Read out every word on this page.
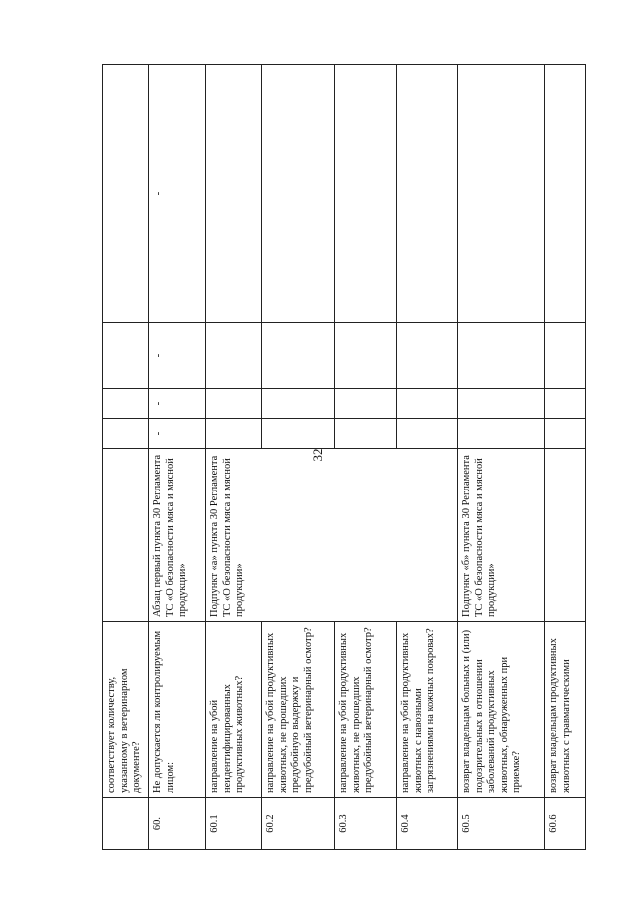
32
	соответствует количеству, указанному в ветеринарном документе?					
60.	Не допускается ли контролируемым лицом:	Абзац первый пункта 30 Регламента ТС «О безопасности мяса и мясной продукции»	-	-	-	-
60.1	направление на убой неидентифицированных продуктивных животных?	Подпункт «а» пункта 30 Регламента ТС «О безопасности мяса и мясной продукции»				
60.2	направление на убой продуктивных животных, не прошедших предубойную выдержку и предубойный ветеринарный осмотр?					
60.3	направление на убой продуктивных животных, не прошедших предубойный ветеринарный осмотр?					
60.4	направление на убой продуктивных животных с навозными загрязнениями на кожных покровах?					
60.5	возврат владельцам больных и (или) подозрительных в отношении заболеваний продуктивных животных, обнаруженных при приемке?	Подпункт «б» пункта 30 Регламента ТС «О безопасности мяса и мясной продукции»				
60.6	возврат владельцам продуктивных животных с травматическими					
